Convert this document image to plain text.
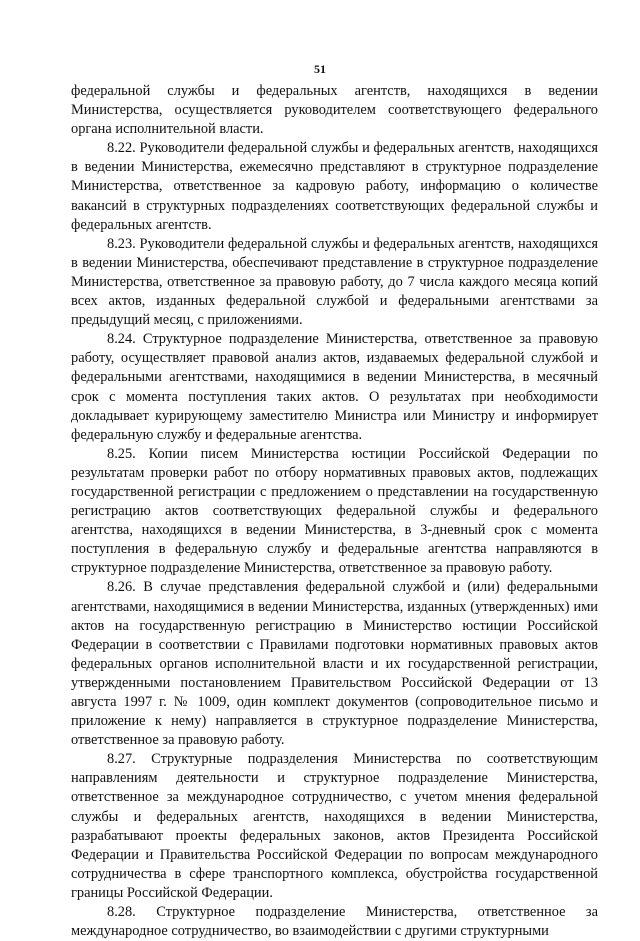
51

федеральной службы и федеральных агентств, находящихся в ведении Министерства, осуществляется руководителем соответствующего федерального органа исполнительной власти.

8.22. Руководители федеральной службы и федеральных агентств, находящихся в ведении Министерства, ежемесячно представляют в структурное подразделение Министерства, ответственное за кадровую работу, информацию о количестве вакансий в структурных подразделениях соответствующих федеральной службы и федеральных агентств.

8.23. Руководители федеральной службы и федеральных агентств, находящихся в ведении Министерства, обеспечивают представление в структурное подразделение Министерства, ответственное за правовую работу, до 7 числа каждого месяца копий всех актов, изданных федеральной службой и федеральными агентствами за предыдущий месяц, с приложениями.

8.24. Структурное подразделение Министерства, ответственное за правовую работу, осуществляет правовой анализ актов, издаваемых федеральной службой и федеральными агентствами, находящимися в ведении Министерства, в месячный срок с момента поступления таких актов. О результатах при необходимости докладывает курирующему заместителю Министра или Министру и информирует федеральную службу и федеральные агентства.

8.25. Копии писем Министерства юстиции Российской Федерации по результатам проверки работ по отбору нормативных правовых актов, подлежащих государственной регистрации с предложением о представлении на государственную регистрацию актов соответствующих федеральной службы и федерального агентства, находящихся в ведении Министерства, в 3-дневный срок с момента поступления в федеральную службу и федеральные агентства направляются в структурное подразделение Министерства, ответственное за правовую работу.

8.26. В случае представления федеральной службой и (или) федеральными агентствами, находящимися в ведении Министерства, изданных (утвержденных) ими актов на государственную регистрацию в Министерство юстиции Российской Федерации в соответствии с Правилами подготовки нормативных правовых актов федеральных органов исполнительной власти и их государственной регистрации, утвержденными постановлением Правительством Российской Федерации от 13 августа 1997 г. № 1009, один комплект документов (сопроводительное письмо и приложение к нему) направляется в структурное подразделение Министерства, ответственное за правовую работу.

8.27. Структурные подразделения Министерства по соответствующим направлениям деятельности и структурное подразделение Министерства, ответственное за международное сотрудничество, с учетом мнения федеральной службы и федеральных агентств, находящихся в ведении Министерства, разрабатывают проекты федеральных законов, актов Президента Российской Федерации и Правительства Российской Федерации по вопросам международного сотрудничества в сфере транспортного комплекса, обустройства государственной границы Российской Федерации.

8.28. Структурное подразделение Министерства, ответственное за международное сотрудничество, во взаимодействии с другими структурными
